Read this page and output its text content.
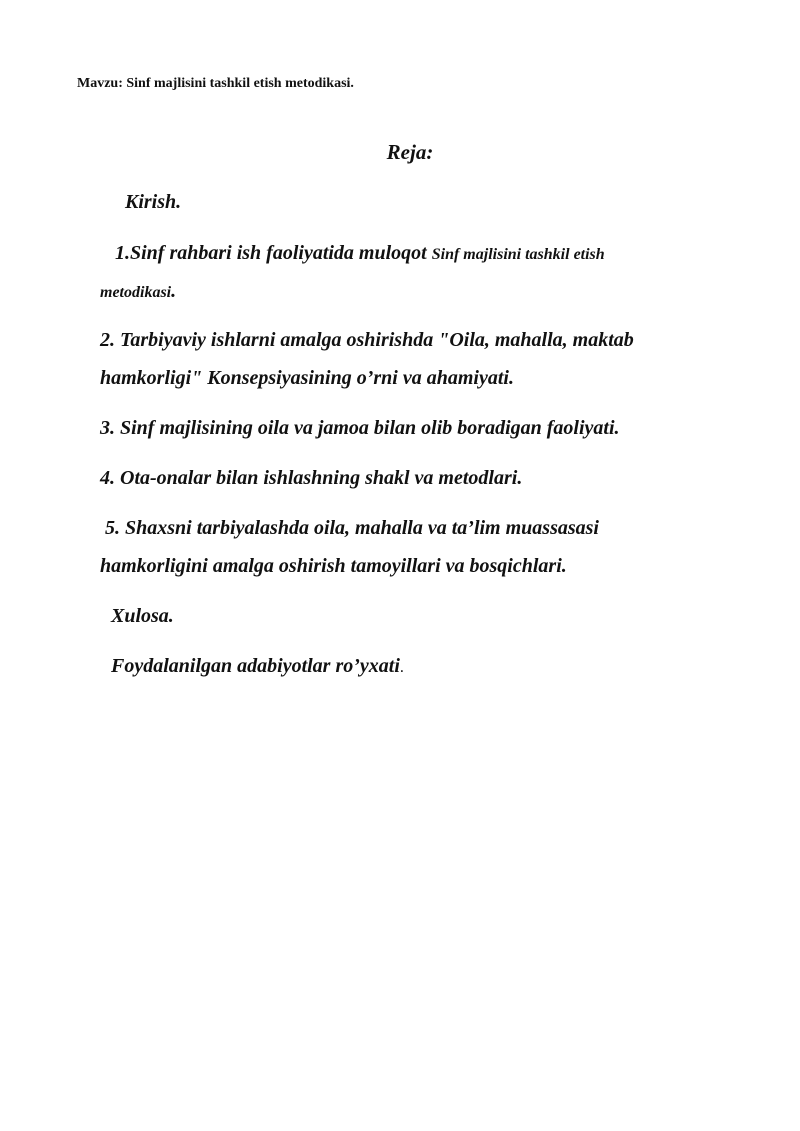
Mavzu: Sinf majlisini tashkil etish metodikasi.

Reja:
Kirish.
1.Sinf rahbari ish faoliyatida muloqot Sinf majlisini tashkil etish
metodikasi.
2. Tarbiyaviy ishlarni amalga oshirishda "Oila, mahalla, maktab
hamkorligi" Konsepsiyasining o’rni va ahamiyati.
3. Sinf majlisining oila va jamoa bilan olib boradigan faoliyati.
4. Ota-onalar bilan ishlashning shakl va metodlari.
5. Shaxsni tarbiyalashda oila, mahalla va ta’lim muassasasi
hamkorligini amalga oshirish tamoyillari va bosqichlari.
Xulosa.
Foydalanilgan adabiyotlar ro’yxati.
